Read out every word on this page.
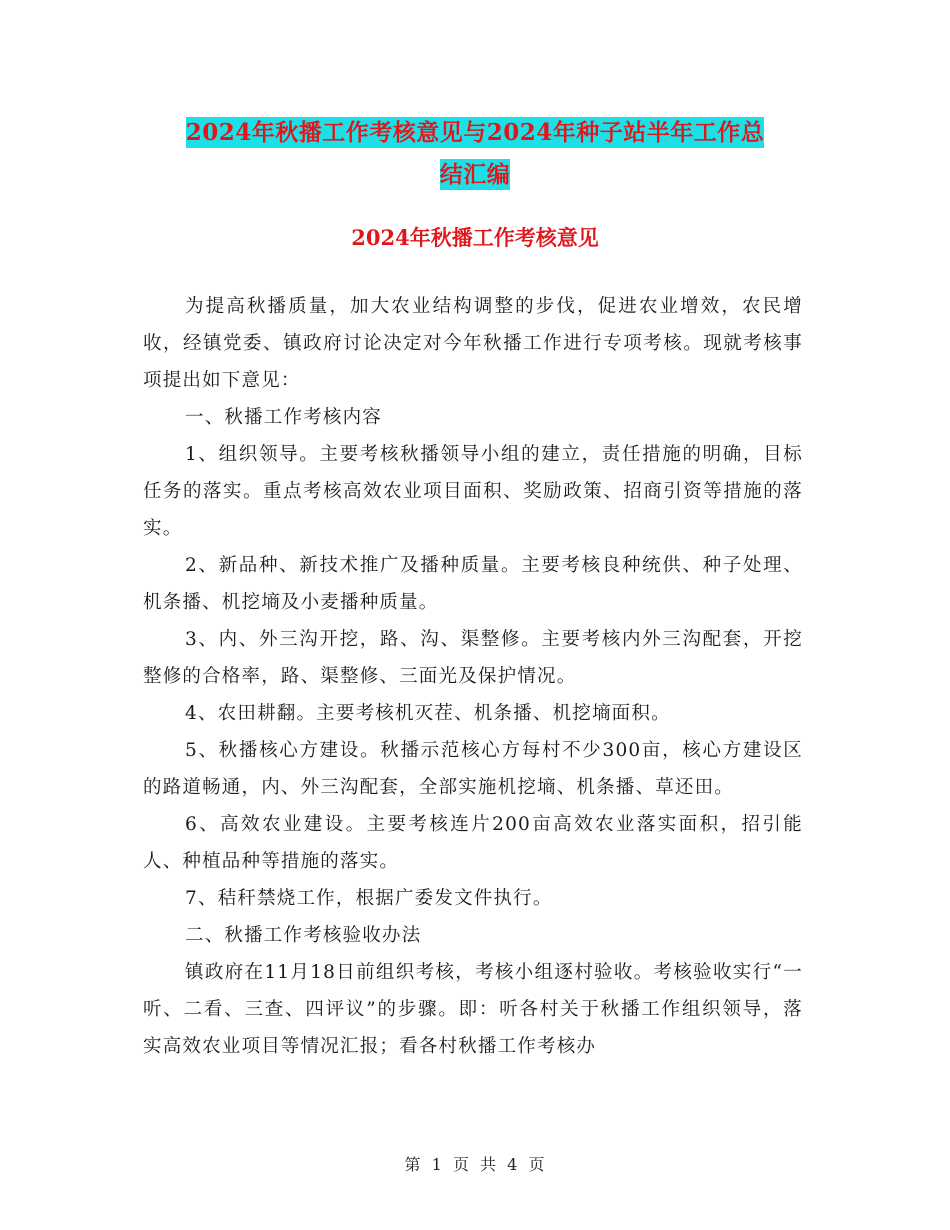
2024年秋播工作考核意见与2024年种子站半年工作总
结汇编
2024年秋播工作考核意见

为提高秋播质量，加大农业结构调整的步伐，促进农业增效，农民增收，经镇党委、镇政府讨论决定对今年秋播工作进行专项考核。现就考核事项提出如下意见：

一、秋播工作考核内容

1、组织领导。主要考核秋播领导小组的建立，责任措施的明确，目标任务的落实。重点考核高效农业项目面积、奖励政策、招商引资等措施的落实。

2、新品种、新技术推广及播种质量。主要考核良种统供、种子处理、机条播、机挖墒及小麦播种质量。

3、内、外三沟开挖，路、沟、渠整修。主要考核内外三沟配套，开挖整修的合格率，路、渠整修、三面光及保护情况。

4、农田耕翻。主要考核机灭茬、机条播、机挖墒面积。

5、秋播核心方建设。秋播示范核心方每村不少300亩，核心方建设区的路道畅通，内、外三沟配套，全部实施机挖墒、机条播、草还田。

6、高效农业建设。主要考核连片200亩高效农业落实面积，招引能人、种植品种等措施的落实。

7、秸秆禁烧工作，根据广委发文件执行。

二、秋播工作考核验收办法

镇政府在11月18日前组织考核，考核小组逐村验收。考核验收实行“一听、二看、三查、四评议”的步骤。即：听各村关于秋播工作组织领导，落实高效农业项目等情况汇报；看各村秋播工作考核办

第 1 页 共 4 页
